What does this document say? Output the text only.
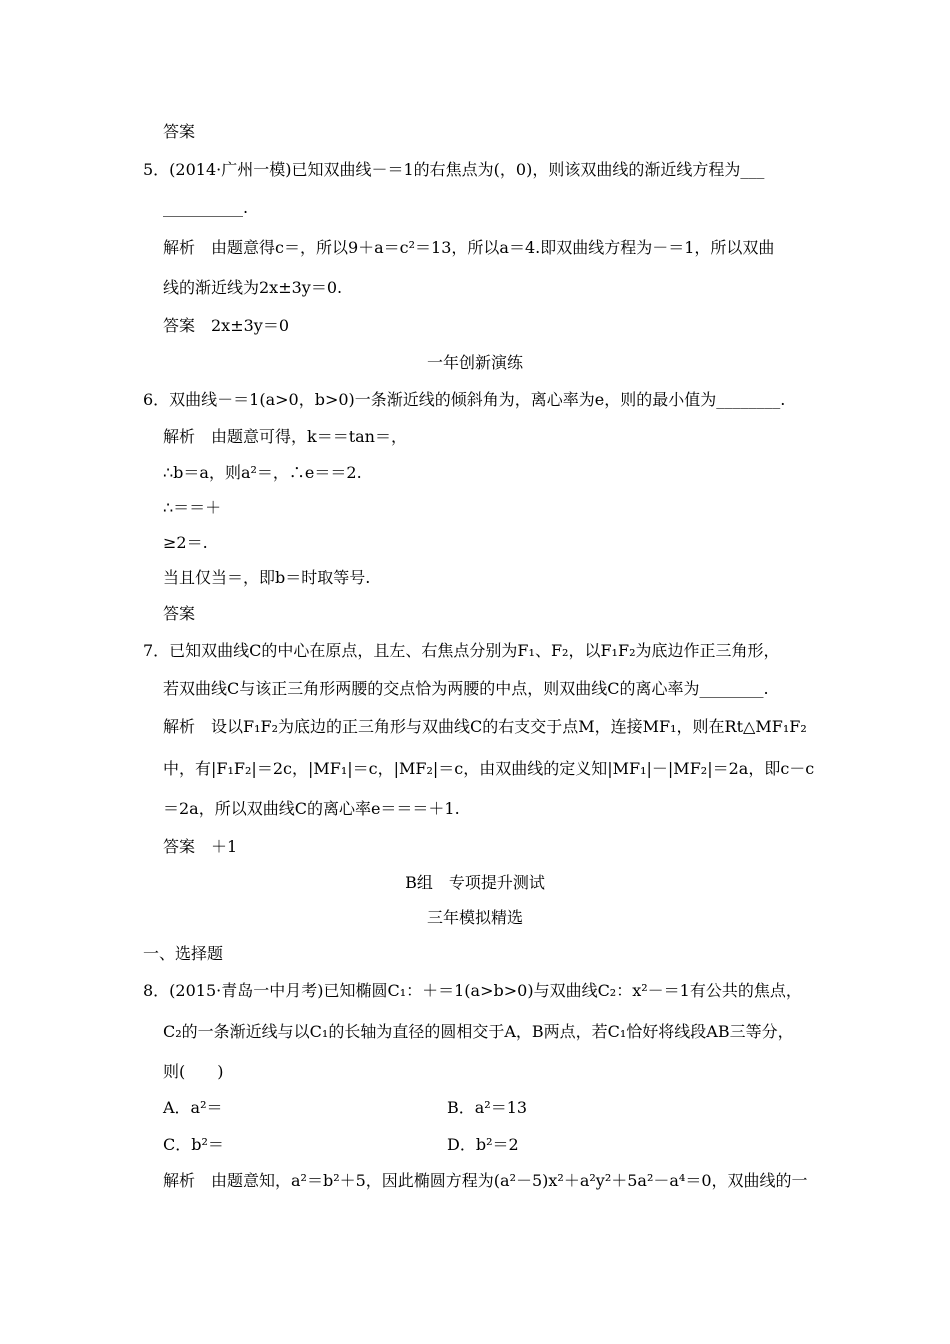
答案
5．(2014·广州一模)已知双曲线－＝1的右焦点为(，0)，则该双曲线的渐近线方程为___
__________.
解析　由题意得c＝，所以9＋a＝c²＝13，所以a＝4.即双曲线方程为－＝1，所以双曲
线的渐近线为2x±3y＝0.
答案　2x±3y＝0
一年创新演练
6．双曲线－＝1(a>0，b>0)一条渐近线的倾斜角为，离心率为e，则的最小值为________.
解析　由题意可得，k＝＝tan＝，
∴b＝a，则a²＝，∴e＝＝2.
∴＝＝＋
≥2＝.
当且仅当＝，即b＝时取等号.
答案
7．已知双曲线C的中心在原点，且左、右焦点分别为F₁、F₂，以F₁F₂为底边作正三角形，
若双曲线C与该正三角形两腰的交点恰为两腰的中点，则双曲线C的离心率为________.
解析　设以F₁F₂为底边的正三角形与双曲线C的右支交于点M，连接MF₁，则在Rt△MF₁F₂
中，有|F₁F₂|＝2c，|MF₁|＝c，|MF₂|＝c，由双曲线的定义知|MF₁|－|MF₂|＝2a，即c－c
＝2a，所以双曲线C的离心率e＝＝＝＋1.
答案　＋1
B组　专项提升测试
三年模拟精选
一、选择题
8．(2015·青岛一中月考)已知椭圆C₁：＋＝1(a>b>0)与双曲线C₂：x²－＝1有公共的焦点，
C₂的一条渐近线与以C₁的长轴为直径的圆相交于A，B两点，若C₁恰好将线段AB三等分，
则(　　)
A．a²＝	B．a²＝13
C．b²＝	D．b²＝2
解析　由题意知，a²＝b²＋5，因此椭圆方程为(a²－5)x²＋a²y²＋5a²－a⁴＝0，双曲线的一
